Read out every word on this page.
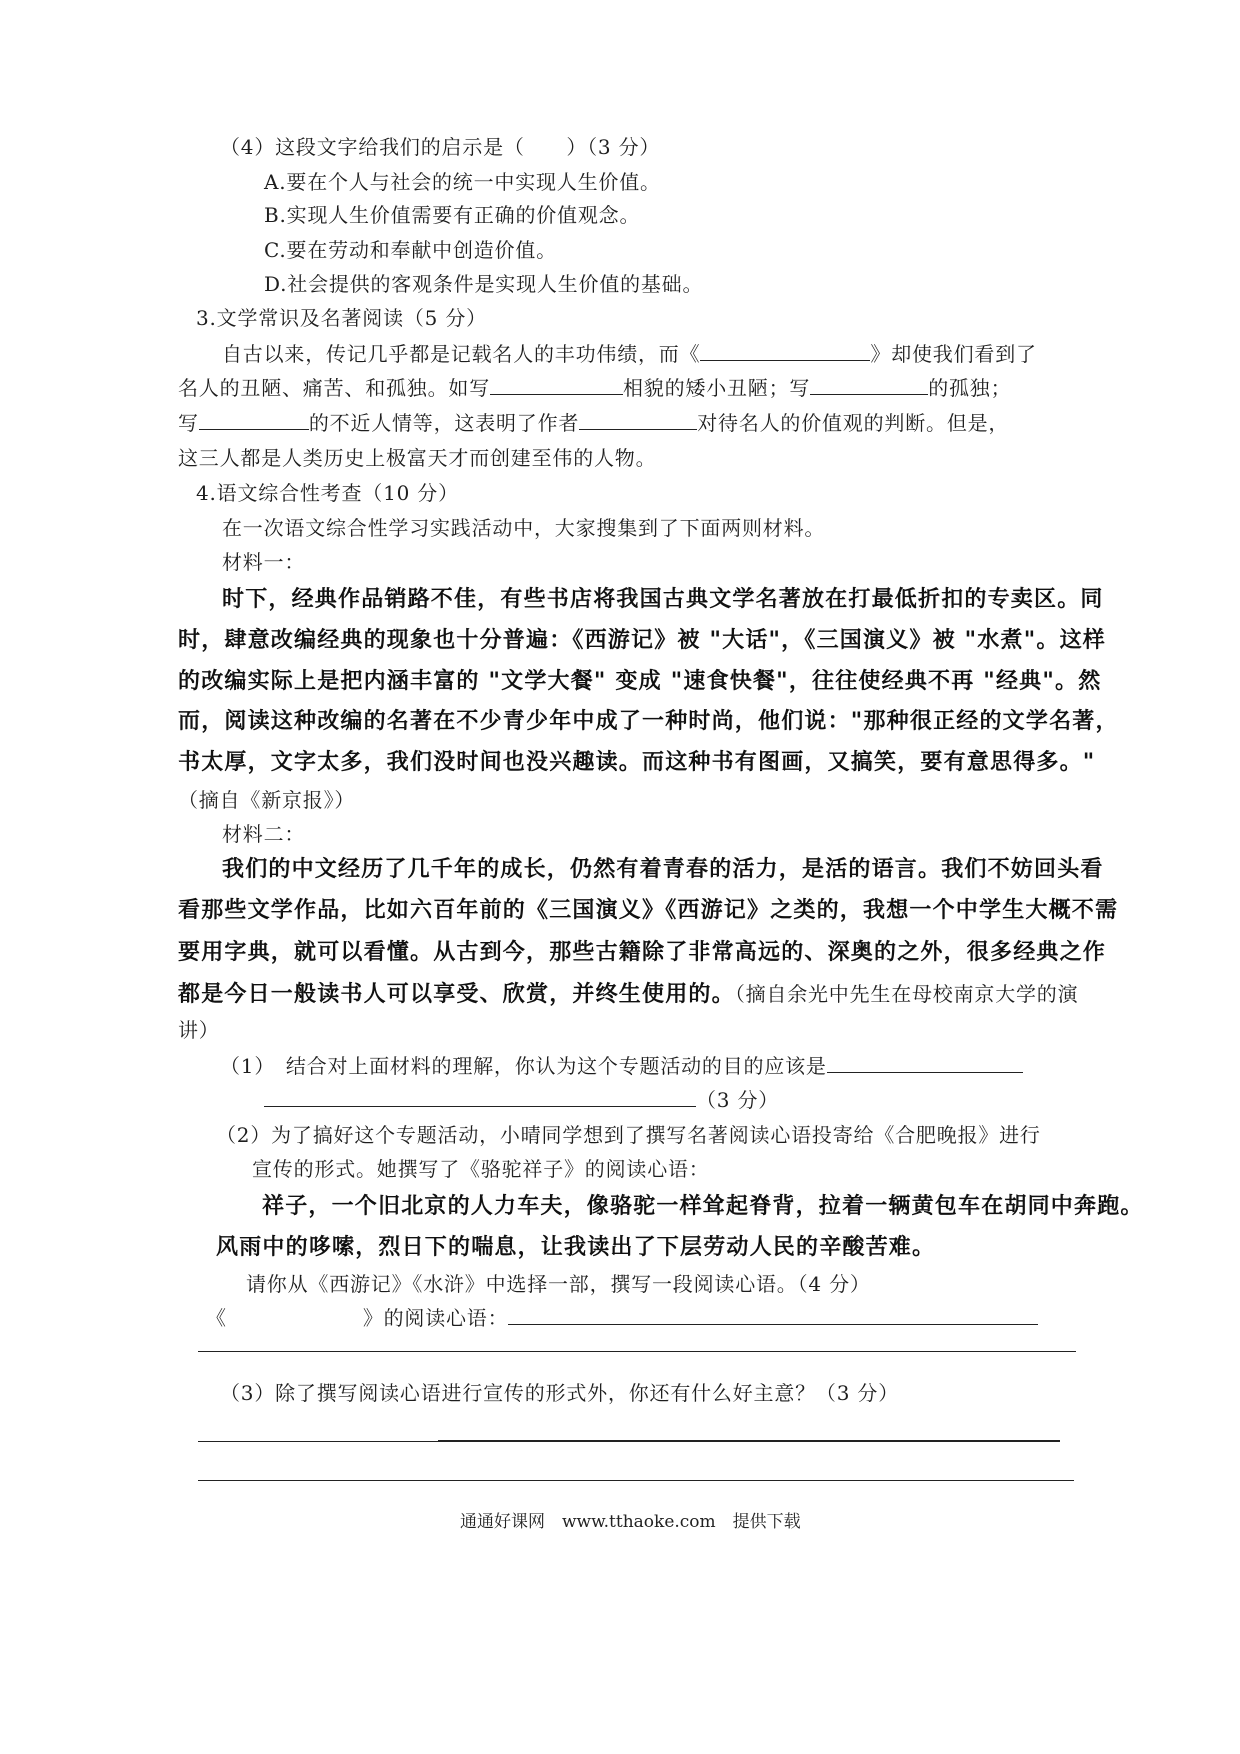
（4）这段文字给我们的启示是（　　）（3 分）
A.要在个人与社会的统一中实现人生价值。
B.实现人生价值需要有正确的价值观念。
C.要在劳动和奉献中创造价值。
D.社会提供的客观条件是实现人生价值的基础。
3.文学常识及名著阅读（5 分）
自古以来，传记几乎都是记载名人的丰功伟绩，而《	》却使我们看到了
名人的丑陋、痛苦、和孤独。如写	相貌的矮小丑陋；写	的孤独；
写	的不近人情等，这表明了作者	对待名人的价值观的判断。但是，
这三人都是人类历史上极富天才而创建至伟的人物。
4.语文综合性考查（10 分）
在一次语文综合性学习实践活动中，大家搜集到了下面两则材料。
材料一：
时下，经典作品销路不佳，有些书店将我国古典文学名著放在打最低折扣的专卖区。同
时，肆意改编经典的现象也十分普遍：《西游记》被 "大话"，《三国演义》被 "水煮"。这样
的改编实际上是把内涵丰富的 "文学大餐" 变成 "速食快餐"，往往使经典不再 "经典"。然
而，阅读这种改编的名著在不少青少年中成了一种时尚，他们说："那种很正经的文学名著，
书太厚，文字太多，我们没时间也没兴趣读。而这种书有图画，又搞笑，要有意思得多。"
（摘自《新京报》）
材料二：
我们的中文经历了几千年的成长，仍然有着青春的活力，是活的语言。我们不妨回头看
看那些文学作品，比如六百年前的《三国演义》《西游记》之类的，我想一个中学生大概不需
要用字典，就可以看懂。从古到今，那些古籍除了非常高远的、深奥的之外，很多经典之作
都是今日一般读书人可以享受、欣赏，并终生使用的。（摘自余光中先生在母校南京大学的演
讲）
（1）　结合对上面材料的理解，你认为这个专题活动的目的应该是
（3 分）
（2）为了搞好这个专题活动，小晴同学想到了撰写名著阅读心语投寄给《合肥晚报》进行
宣传的形式。她撰写了《骆驼祥子》的阅读心语：
祥子，一个旧北京的人力车夫，像骆驼一样耸起脊背，拉着一辆黄包车在胡同中奔跑。
风雨中的哆嗦，烈日下的喘息，让我读出了下层劳动人民的辛酸苦难。
请你从《西游记》《水浒》中选择一部，撰写一段阅读心语。（4 分）
《	》的阅读心语：
（3）除了撰写阅读心语进行宣传的形式外，你还有什么好主意？（3 分）
通通好课网　www.tthaoke.com　提供下载
